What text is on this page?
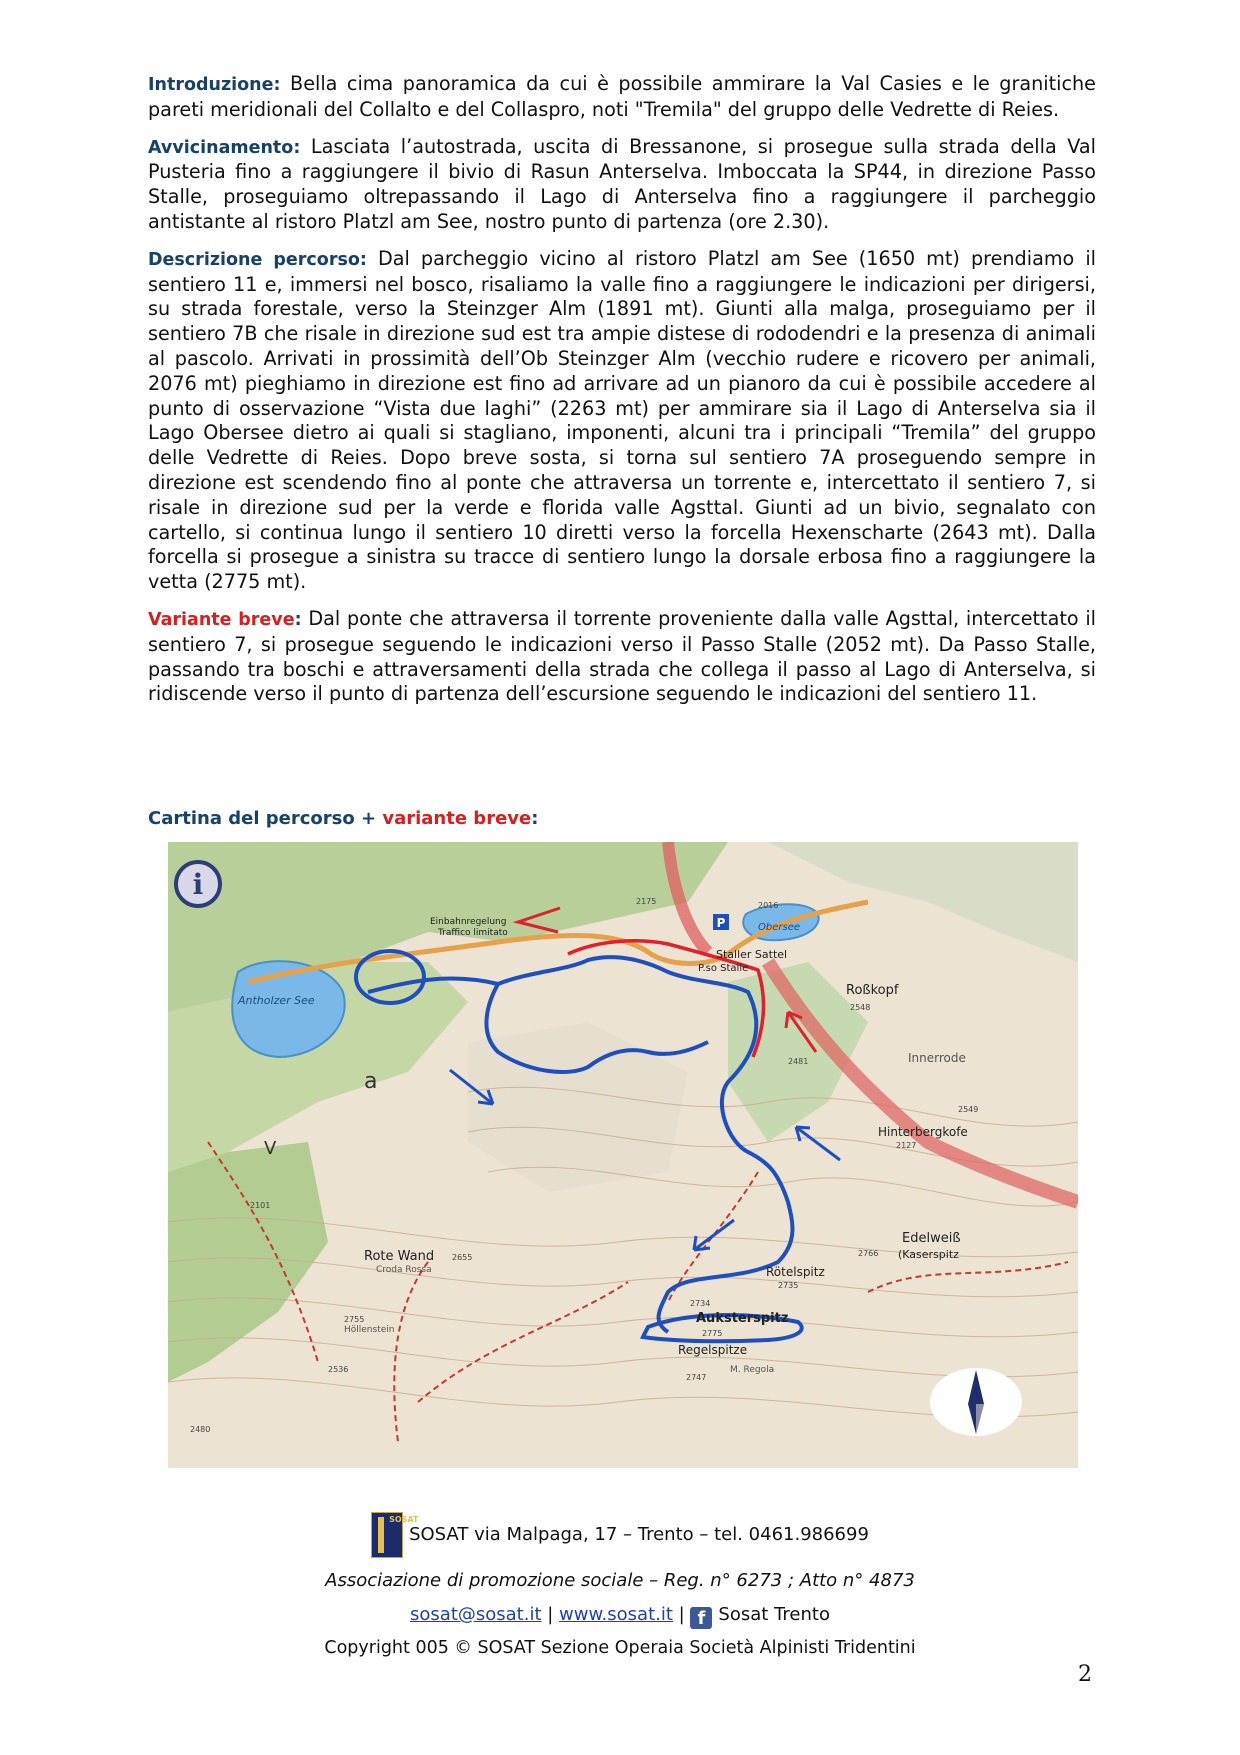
Introduzione: Bella cima panoramica da cui è possibile ammirare la Val Casies e le granitiche pareti meridionali del Collalto e del Collaspro, noti "Tremila" del gruppo delle Vedrette di Reies.

Avvicinamento: Lasciata l’autostrada, uscita di Bressanone, si prosegue sulla strada della Val Pusteria fino a raggiungere il bivio di Rasun Anterselva. Imboccata la SP44, in direzione Passo Stalle, proseguiamo oltrepassando il Lago di Anterselva fino a raggiungere il parcheggio antistante al ristoro Platzl am See, nostro punto di partenza (ore 2.30).

Descrizione percorso: Dal parcheggio vicino al ristoro Platzl am See (1650 mt) prendiamo il sentiero 11 e, immersi nel bosco, risaliamo la valle fino a raggiungere le indicazioni per dirigersi, su strada forestale, verso la Steinzger Alm (1891 mt). Giunti alla malga, proseguiamo per il sentiero 7B che risale in direzione sud est tra ampie distese di rododendri e la presenza di animali al pascolo. Arrivati in prossimità dell’Ob Steinzger Alm (vecchio rudere e ricovero per animali, 2076 mt) pieghiamo in direzione est fino ad arrivare ad un pianoro da cui è possibile accedere al punto di osservazione “Vista due laghi” (2263 mt) per ammirare sia il Lago di Anterselva sia il Lago Obersee dietro ai quali si stagliano, imponenti, alcuni tra i principali “Tremila” del gruppo delle Vedrette di Reies. Dopo breve sosta, si torna sul sentiero 7A proseguendo sempre in direzione est scendendo fino al ponte che attraversa un torrente e, intercettato il sentiero 7, si risale in direzione sud per la verde e florida valle Agsttal. Giunti ad un bivio, segnalato con cartello, si continua lungo il sentiero 10 diretti verso la forcella Hexenscharte (2643 mt). Dalla forcella si prosegue a sinistra su tracce di sentiero lungo la dorsale erbosa fino a raggiungere la vetta (2775 mt).

Variante breve: Dal ponte che attraversa il torrente proveniente dalla valle Agsttal, intercettato il sentiero 7, si prosegue seguendo le indicazioni verso il Passo Stalle (2052 mt). Da Passo Stalle, passando tra boschi e attraversamenti della strada che collega il passo al Lago di Anterselva, si ridiscende verso il punto di partenza dell’escursione seguendo le indicazioni del sentiero 11.

Cartina del percorso + variante breve:
i
P
Antholzer See
Obersee
Staller Sattel
P.so Stalle
Einbahnregelung
Traffico limitato
Roßkopf
Innerrode
Hinterbergkofe
Rote Wand
Croda Rossa
Höllenstein
Edelweiß
(Kaserspitz
Rötelspitz
Auksterspitz
Regelspitze
M. Regola
a
V
2175	2016
2548
2481
2549
2127
2101
2655	2766
2735
2734
2775
2747
2755
2536
2480
SOSAT
SOSAT via Malpaga, 17 – Trento – tel. 0461.986699
Associazione di promozione sociale – Reg. n° 6273 ; Atto n° 4873
sosat@sosat.it | www.sosat.it | f Sosat Trento
Copyright 005 © SOSAT Sezione Operaia Società Alpinisti Tridentini
2
